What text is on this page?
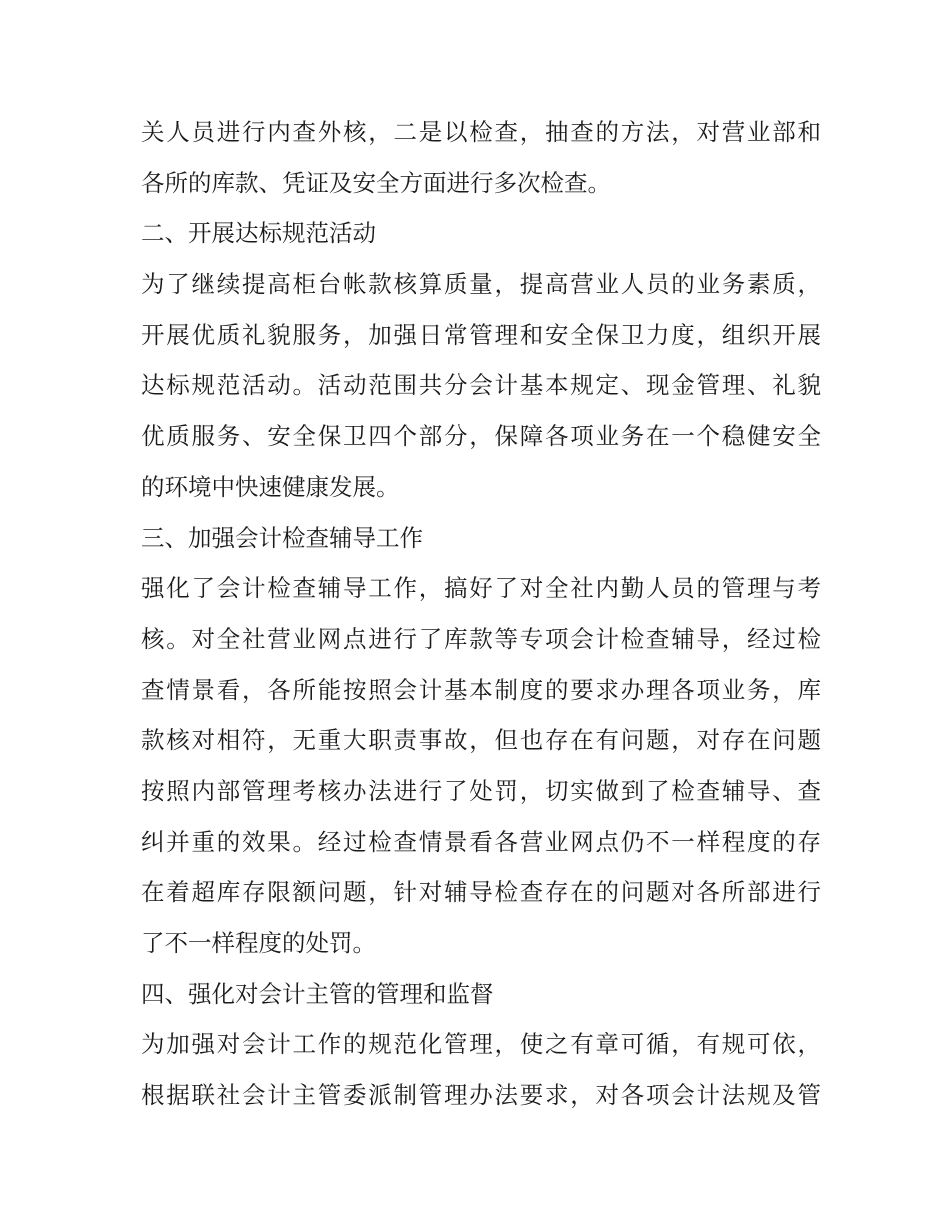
关人员进行内查外核，二是以检查，抽查的方法，对营业部和
各所的库款、凭证及安全方面进行多次检查。
二、开展达标规范活动
为了继续提高柜台帐款核算质量，提高营业人员的业务素质，
开展优质礼貌服务，加强日常管理和安全保卫力度，组织开展
达标规范活动。活动范围共分会计基本规定、现金管理、礼貌
优质服务、安全保卫四个部分，保障各项业务在一个稳健安全
的环境中快速健康发展。
三、加强会计检查辅导工作
强化了会计检查辅导工作，搞好了对全社内勤人员的管理与考
核。对全社营业网点进行了库款等专项会计检查辅导，经过检
查情景看，各所能按照会计基本制度的要求办理各项业务，库
款核对相符，无重大职责事故，但也存在有问题，对存在问题
按照内部管理考核办法进行了处罚，切实做到了检查辅导、查
纠并重的效果。经过检查情景看各营业网点仍不一样程度的存
在着超库存限额问题，针对辅导检查存在的问题对各所部进行
了不一样程度的处罚。
四、强化对会计主管的管理和监督
为加强对会计工作的规范化管理，使之有章可循，有规可依，
根据联社会计主管委派制管理办法要求，对各项会计法规及管
